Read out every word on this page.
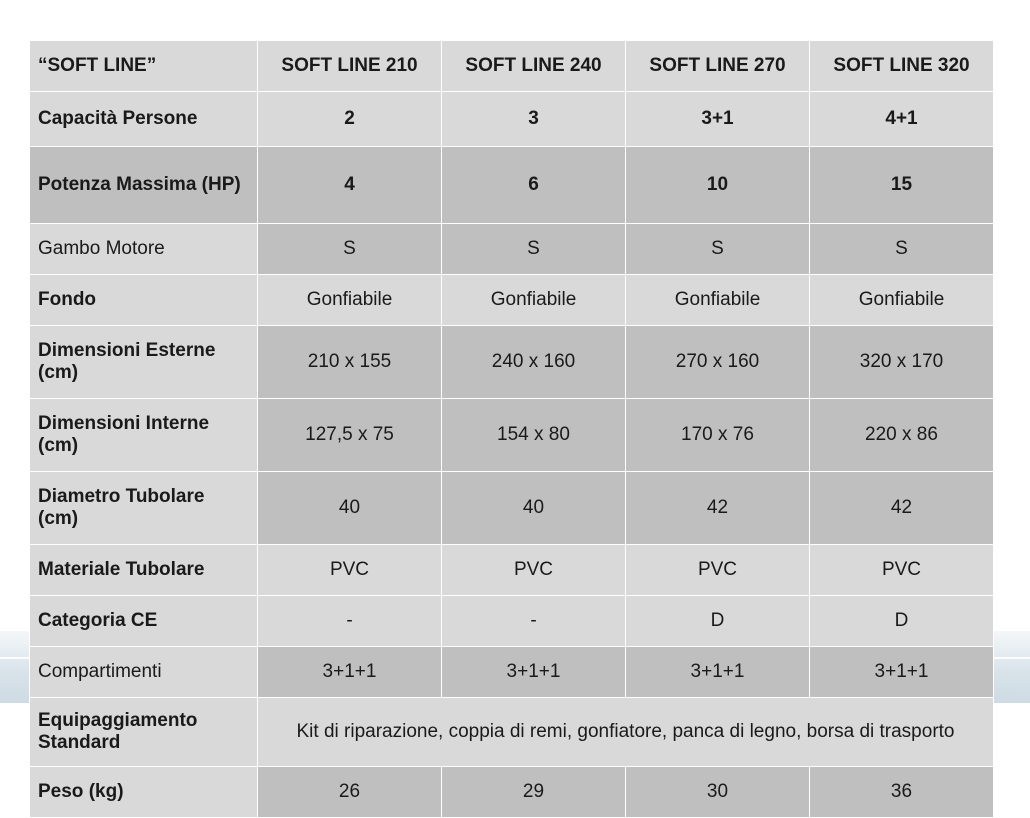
“SOFT LINE”	SOFT LINE 210	SOFT LINE 240	SOFT LINE 270	SOFT LINE 320
Capacità Persone	2	3	3+1	4+1
Potenza Massima (HP)	4	6	10	15
Gambo Motore	S	S	S	S
Fondo	Gonfiabile	Gonfiabile	Gonfiabile	Gonfiabile
Dimensioni Esterne (cm)	210 x 155	240 x 160	270 x 160	320 x 170
Dimensioni Interne (cm)	127,5 x 75	154 x 80	170 x 76	220 x 86
Diametro Tubolare (cm)	40	40	42	42
Materiale Tubolare	PVC	PVC	PVC	PVC
Categoria CE	-	-	D	D
Compartimenti	3+1+1	3+1+1	3+1+1	3+1+1
Equipaggiamento Standard	Kit di riparazione, coppia di remi, gonfiatore, panca di legno, borsa di trasporto			
Peso (kg)	26	29	30	36
